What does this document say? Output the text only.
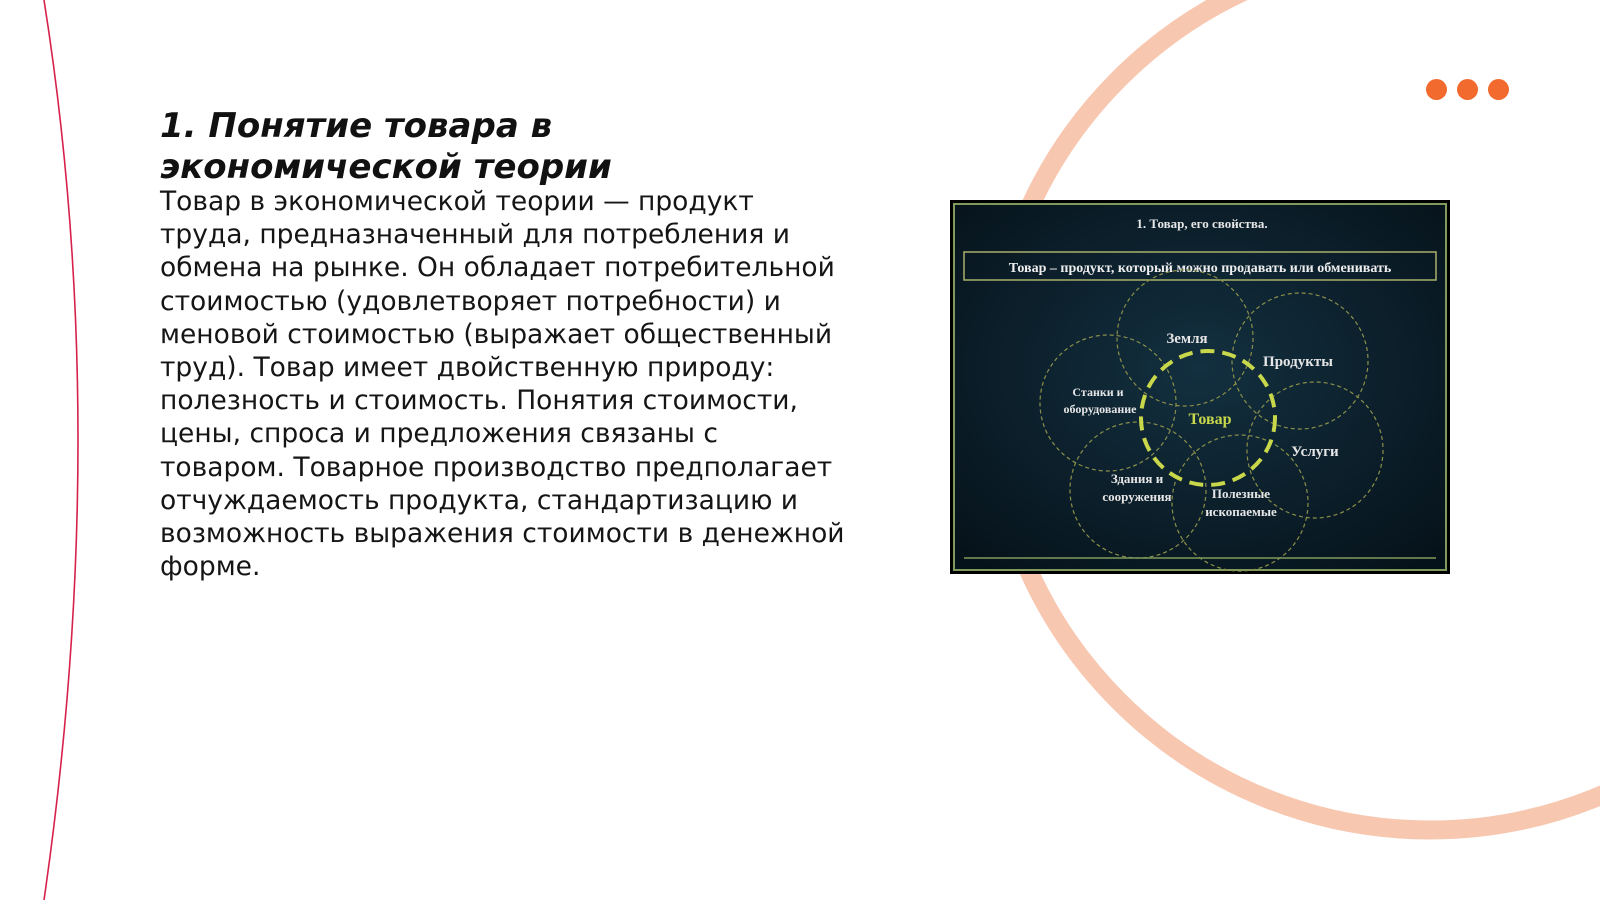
1. Понятие товара в экономической теории

Товар в экономической теории — продукт труда, предназначенный для потребления и обмена на рынке. Он обладает потребительной стоимостью (удовлетворяет потребности) и меновой стоимостью (выражает общественный труд). Товар имеет двойственную природу: полезность и стоимость. Понятия стоимости, цены, спроса и предложения связаны с товаром. Товарное производство предполагает отчуждаемость продукта, стандартизацию и возможность выражения стоимости в денежной форме.

1. Товар, его свойства.
Товар – продукт, который можно продавать или обменивать
Земля
Продукты
Станки и
оборудование
Товар
Услуги
Здания и
сооружения	Полезные
ископаемые
